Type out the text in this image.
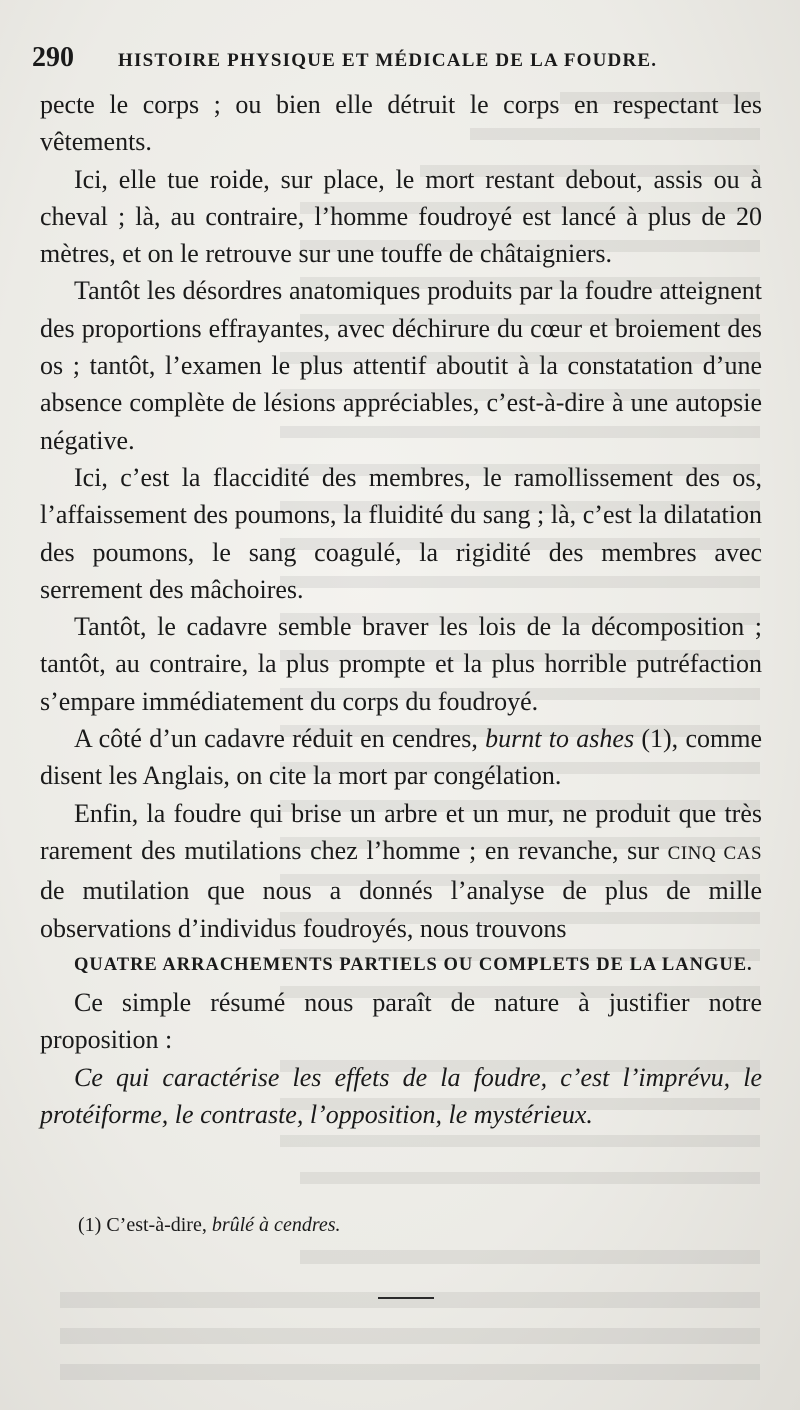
290 HISTOIRE PHYSIQUE ET MÉDICALE DE LA FOUDRE.

pecte le corps ; ou bien elle détruit le corps en respectant les vêtements.

Ici, elle tue roide, sur place, le mort restant debout, assis ou à cheval ; là, au contraire, l’homme foudroyé est lancé à plus de 20 mètres, et on le retrouve sur une touffe de châtaigniers.

Tantôt les désordres anatomiques produits par la foudre atteignent des proportions effrayantes, avec déchirure du cœur et broiement des os ; tantôt, l’examen le plus attentif aboutit à la constatation d’une absence complète de lésions appréciables, c’est-à-dire à une autopsie négative.

Ici, c’est la flaccidité des membres, le ramollissement des os, l’affaissement des poumons, la fluidité du sang ; là, c’est la dilatation des poumons, le sang coagulé, la rigidité des membres avec serrement des mâchoires.

Tantôt, le cadavre semble braver les lois de la décomposition ; tantôt, au contraire, la plus prompte et la plus horrible putréfaction s’empare immédiatement du corps du foudroyé.

A côté d’un cadavre réduit en cendres, burnt to ashes (1), comme disent les Anglais, on cite la mort par congélation.

Enfin, la foudre qui brise un arbre et un mur, ne produit que très rarement des mutilations chez l’homme ; en revanche, sur CINQ CAS de mutilation que nous a donnés l’analyse de plus de mille observations d’individus foudroyés, nous trouvons
QUATRE ARRACHEMENTS PARTIELS OU COMPLETS DE LA LANGUE.

Ce simple résumé nous paraît de nature à justifier notre proposition :

Ce qui caractérise les effets de la foudre, c’est l’imprévu, le protéiforme, le contraste, l’opposition, le mystérieux.

(1) C’est-à-dire, brûlé à cendres.
